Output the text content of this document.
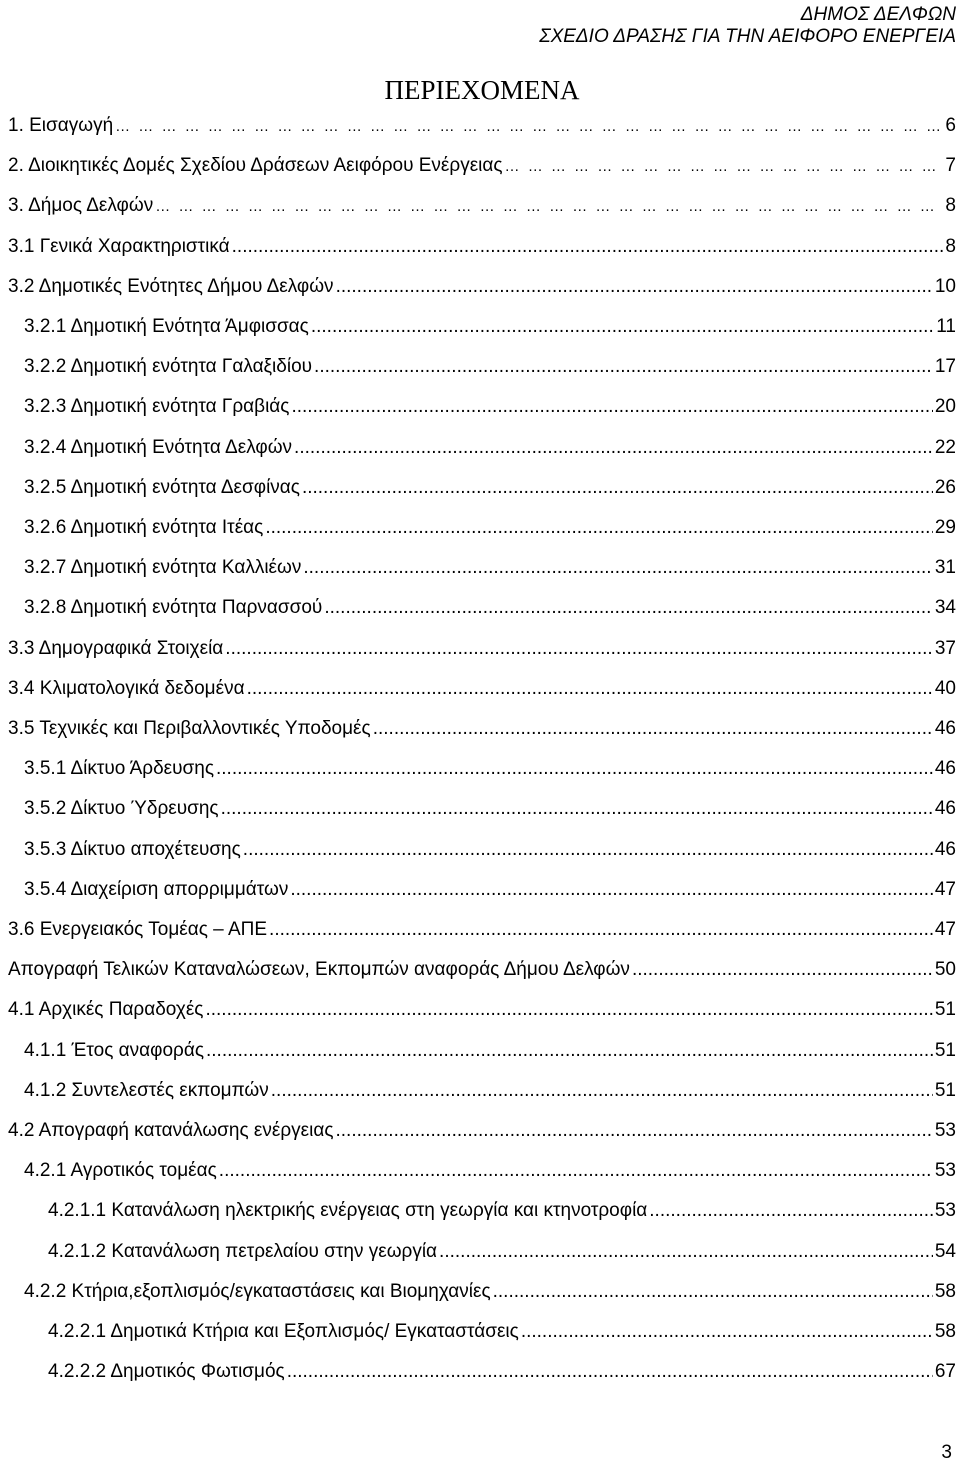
ΔΗΜΟΣ ΔΕΛΦΩΝ
ΣΧΕΔΙΟ ΔΡΑΣΗΣ ΓΙΑ ΤΗΝ ΑΕΙΦΟΡΟ ΕΝΕΡΓΕΙΑ
ΠΕΡΙΕΧΟΜΕΝΑ
1. Εισαγωγή … … … … … … … … … … … … … … … … … … … … … … … … … … … … … … … … … … … … … … … … … … … … … … … … … … … … … …	6
2. Διοικητικές Δομές Σχεδίου Δράσεων Αειφόρου Ενέργειας … … … … … … … … … … … … … … … … … … … … … … … … … … … … … … … … … … … … … … … … … … … … … … … … … … … … … …	7
3. Δήμος Δελφών … … … … … … … … … … … … … … … … … … … … … … … … … … … … … … … … … … … … … … … … … … … … … … … … … … … … … …	8
3.1 Γενικά Χαρακτηριστικά .....	8
3.2 Δημοτικές Ενότητες Δήμου Δελφών .....	10
3.2.1 Δημοτική Ενότητα Άμφισσας .....	11
3.2.2 Δημοτική ενότητα Γαλαξιδίου .....	17
3.2.3 Δημοτική ενότητα Γραβιάς .....	20
3.2.4 Δημοτική Ενότητα Δελφών .....	22
3.2.5 Δημοτική ενότητα Δεσφίνας .....	26
3.2.6 Δημοτική ενότητα Ιτέας .....	29
3.2.7 Δημοτική ενότητα Καλλιέων .....	31
3.2.8 Δημοτική ενότητα Παρνασσού .....	34
3.3 Δημογραφικά Στοιχεία .....	37
3.4 Κλιματολογικά δεδομένα .....	40
3.5 Τεχνικές και Περιβαλλοντικές Υποδομές .....	46
3.5.1 Δίκτυο Άρδευσης .....	46
3.5.2 Δίκτυο Ύδρευσης .....	46
3.5.3 Δίκτυο αποχέτευσης .....	46
3.5.4 Διαχείριση απορριμμάτων .....	47
3.6 Ενεργειακός Τομέας – ΑΠΕ .....	47
Απογραφή Τελικών Καταναλώσεων, Εκπομπών αναφοράς Δήμου Δελφών .....	50
4.1 Αρχικές Παραδοχές .....	51
4.1.1 Έτος αναφοράς .....	51
4.1.2 Συντελεστές εκπομπών .....	51
4.2 Απογραφή κατανάλωσης ενέργειας .....	53
4.2.1 Αγροτικός τομέας .....	53
4.2.1.1 Κατανάλωση ηλεκτρικής ενέργειας στη γεωργία και κτηνοτροφία .....	53
4.2.1.2 Κατανάλωση πετρελαίου στην γεωργία .....	54
4.2.2 Κτήρια,εξοπλισμός/εγκαταστάσεις και Βιομηχανίες .....	58
4.2.2.1 Δημοτικά Κτήρια και Εξοπλισμός/ Εγκαταστάσεις .....	58
4.2.2.2 Δημοτικός Φωτισμός .....	67
3
